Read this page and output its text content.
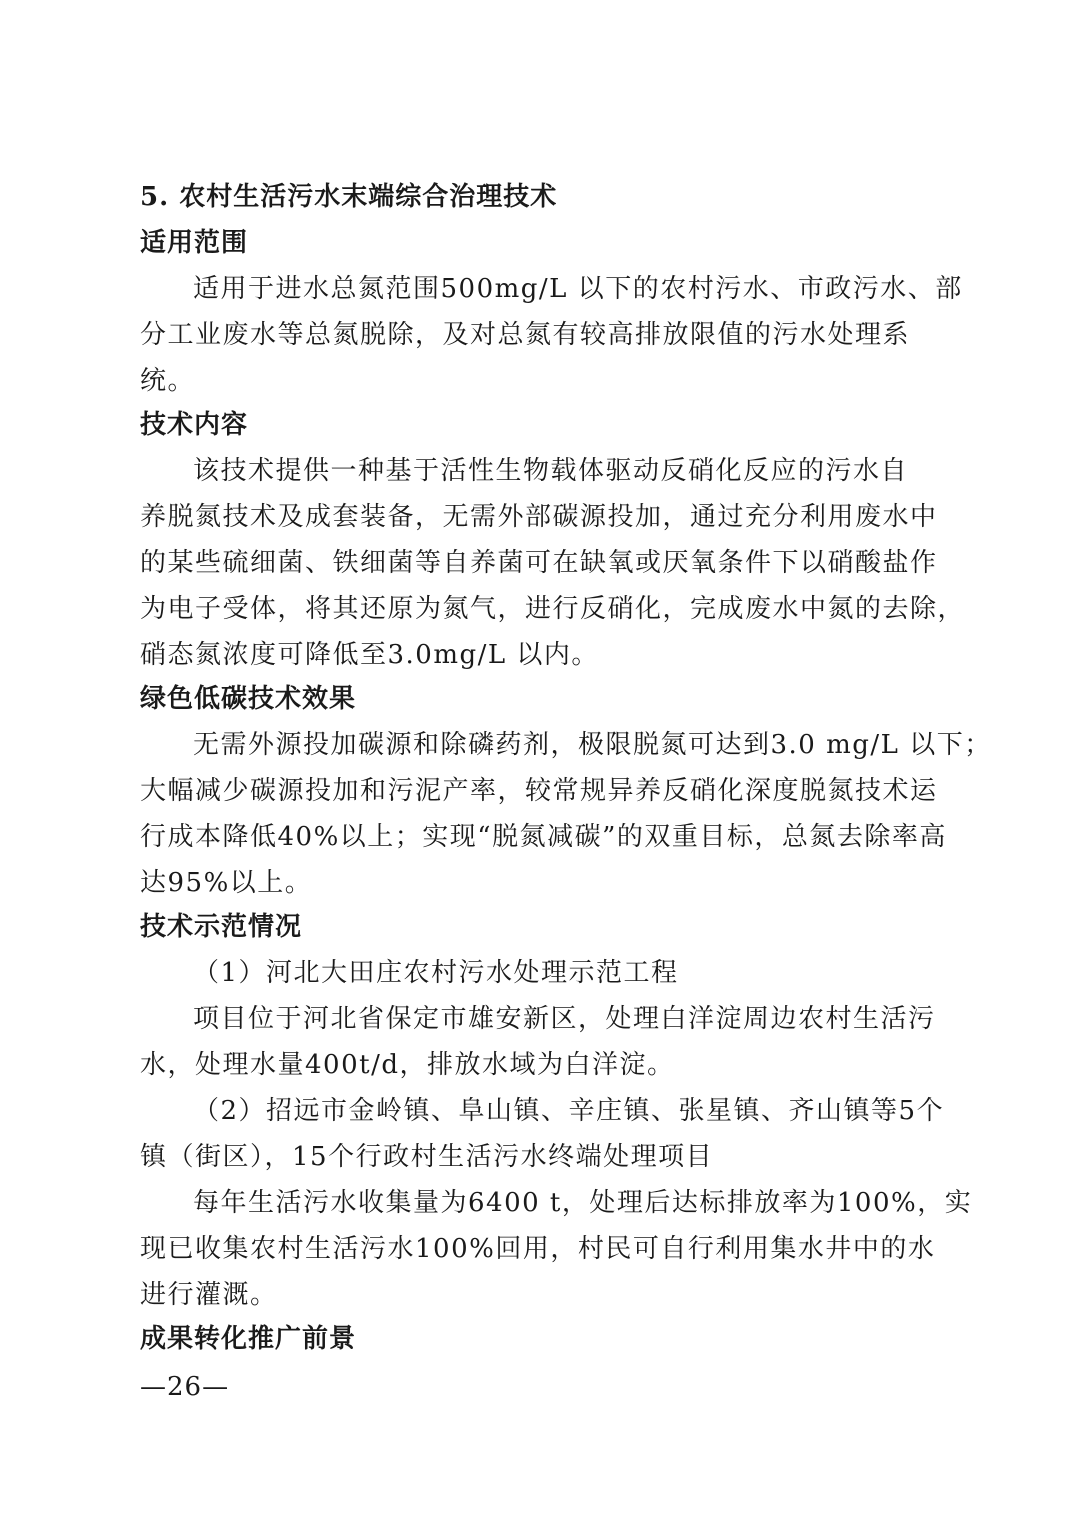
5. 农村生活污水末端综合治理技术
适用范围
适用于进水总氮范围500mg/L 以下的农村污水、市政污水、部
分工业废水等总氮脱除，及对总氮有较高排放限值的污水处理系
统。
技术内容
该技术提供一种基于活性生物载体驱动反硝化反应的污水自
养脱氮技术及成套装备，无需外部碳源投加，通过充分利用废水中
的某些硫细菌、铁细菌等自养菌可在缺氧或厌氧条件下以硝酸盐作
为电子受体，将其还原为氮气，进行反硝化，完成废水中氮的去除，
硝态氮浓度可降低至3.0mg/L 以内。
绿色低碳技术效果
无需外源投加碳源和除磷药剂，极限脱氮可达到3.0 mg/L 以下；
大幅减少碳源投加和污泥产率，较常规异养反硝化深度脱氮技术运
行成本降低40%以上；实现“脱氮减碳”的双重目标，总氮去除率高
达95%以上。
技术示范情况
（1）河北大田庄农村污水处理示范工程
项目位于河北省保定市雄安新区，处理白洋淀周边农村生活污
水，处理水量400t/d，排放水域为白洋淀。
（2）招远市金岭镇、阜山镇、辛庄镇、张星镇、齐山镇等5个
镇（街区），15个行政村生活污水终端处理项目
每年生活污水收集量为6400 t，处理后达标排放率为100%，实
现已收集农村生活污水100%回用，村民可自行利用集水井中的水
进行灌溉。
成果转化推广前景
—26—
